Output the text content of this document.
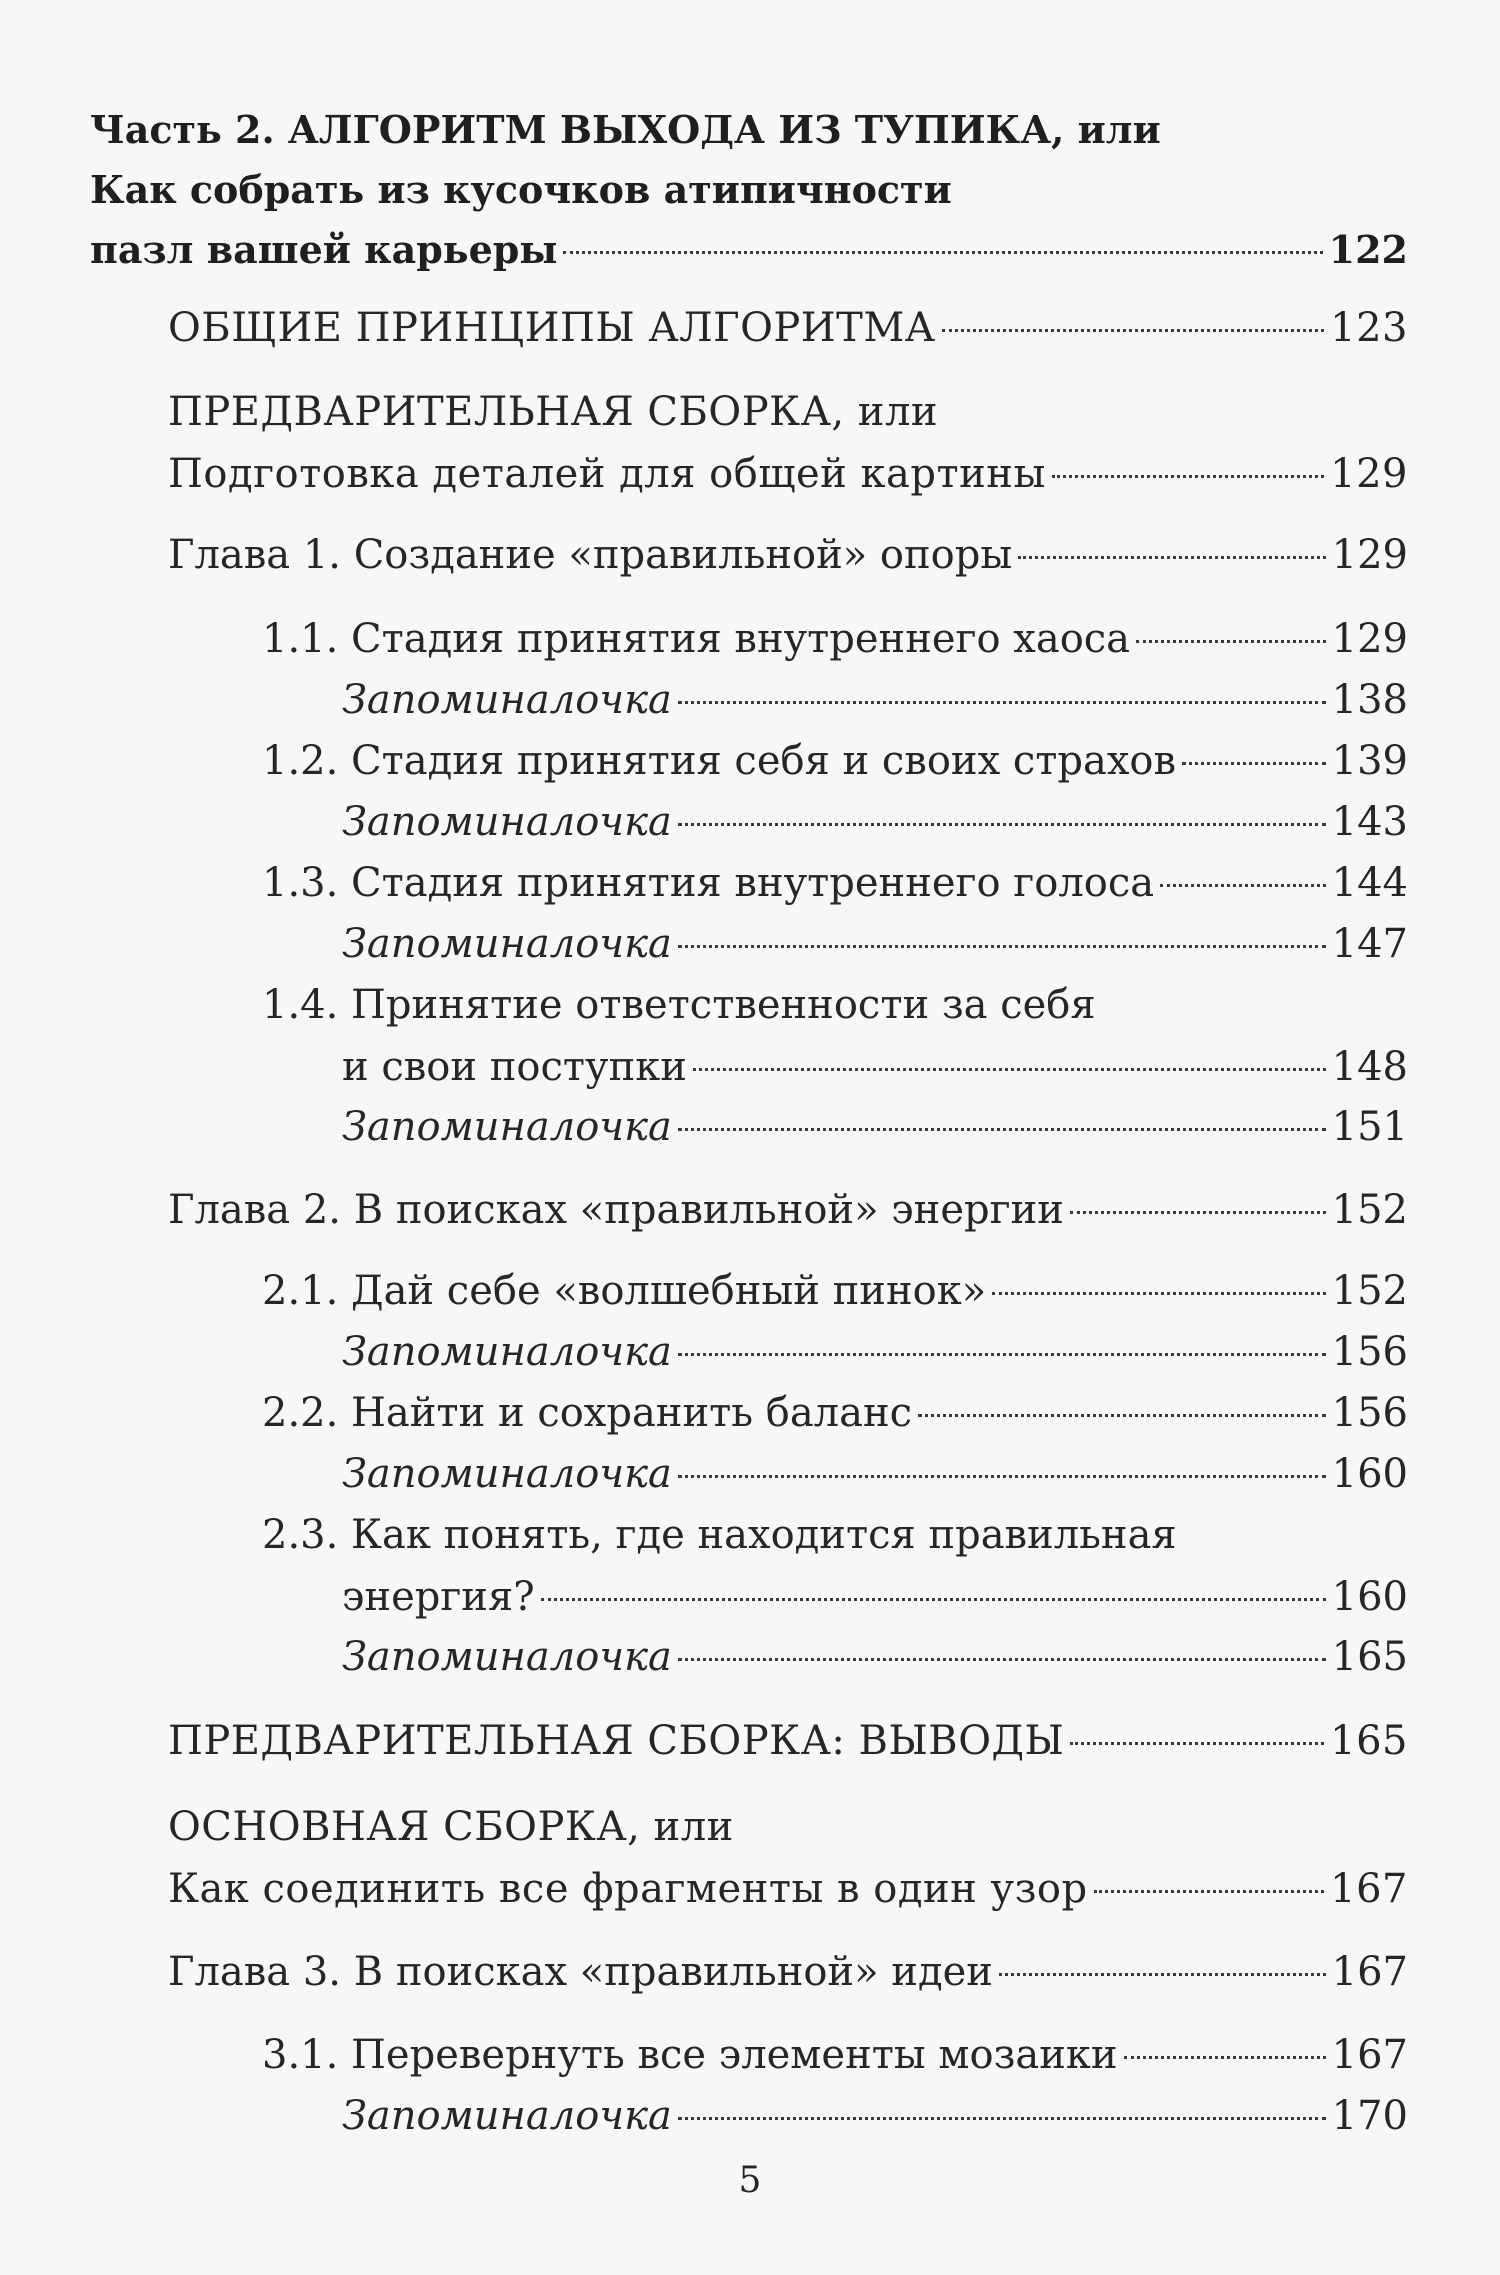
Часть 2. АЛГОРИТМ ВЫХОДА ИЗ ТУПИКА, или
Как собрать из кусочков атипичности
пазл вашей карьеры	122
ОБЩИЕ ПРИНЦИПЫ АЛГОРИТМА	123
ПРЕДВАРИТЕЛЬНАЯ СБОРКА, или
Подготовка деталей для общей картины	129
Глава 1. Создание «правильной» опоры	129
1.1. Стадия принятия внутреннего хаоса	129
Запоминалочка	138
1.2. Стадия принятия себя и своих страхов	139
Запоминалочка	143
1.3. Стадия принятия внутреннего голоса	144
Запоминалочка	147
1.4. Принятие ответственности за себя
и свои поступки	148
Запоминалочка	151
Глава 2. В поисках «правильной» энергии	152
2.1. Дай себе «волшебный пинок»	152
Запоминалочка	156
2.2. Найти и сохранить баланс	156
Запоминалочка	160
2.3. Как понять, где находится правильная
энергия?	160
Запоминалочка	165
ПРЕДВАРИТЕЛЬНАЯ СБОРКА: ВЫВОДЫ	165
ОСНОВНАЯ СБОРКА, или
Как соединить все фрагменты в один узор	167
Глава 3. В поисках «правильной» идеи	167
3.1. Перевернуть все элементы мозаики	167
Запоминалочка	170
5
